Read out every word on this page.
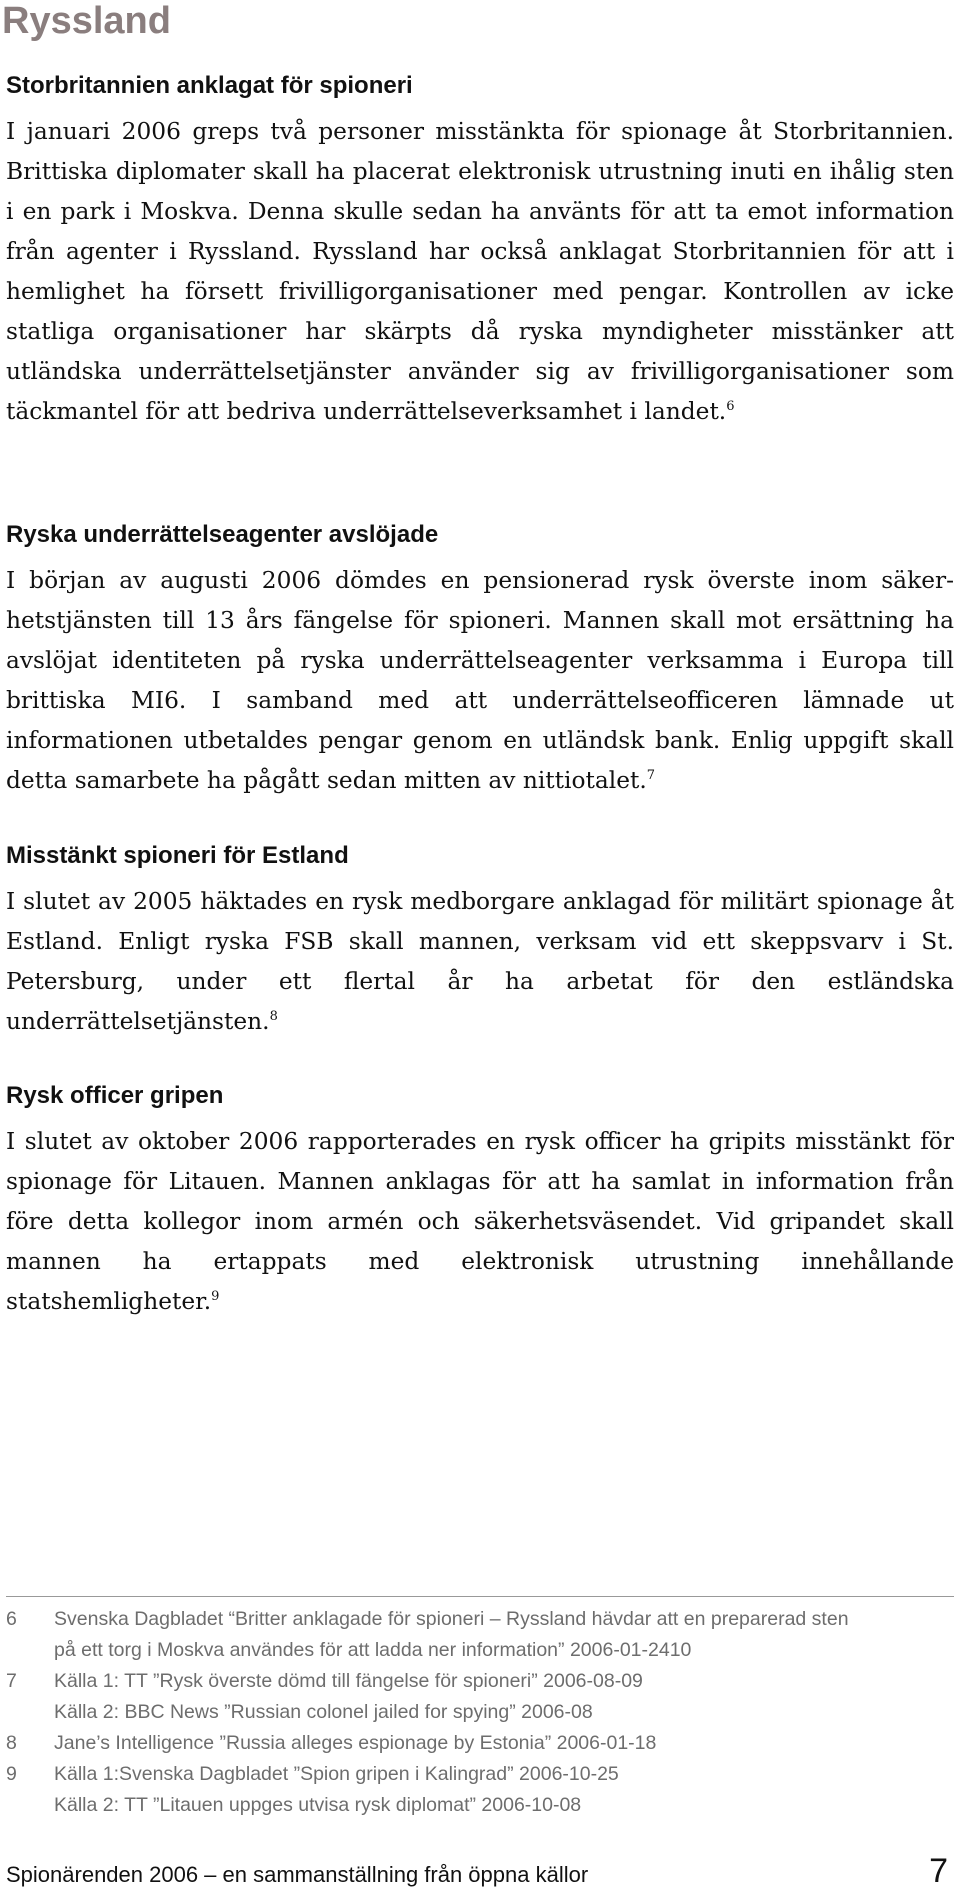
Ryssland
Storbritannien anklagat för spioneri

I januari 2006 greps två personer misstänkta för spionage åt Storbritannien. Brittiska diplomater skall ha placerat elektronisk utrustning inuti en ihålig sten i en park i Moskva. Denna skulle sedan ha använts för att ta emot information från agenter i Ryssland. Ryssland har också anklagat Storbritannien för att i hemlighet ha försett frivilligorganisationer med pengar. Kontrollen av icke statliga organisationer har skärpts då ryska myndigheter misstänker att utländska underrättelsetjänster använder sig av frivilligorganisationer som täckmantel för att bedriva underrättelseverksamhet i landet.$^6$

Ryska underrättelseagenter avslöjade

I början av augusti 2006 dömdes en pensionerad rysk överste inom säkerhetstjänsten till 13 års fängelse för spioneri. Mannen skall mot ersättning ha avslöjat identiteten på ryska underrättelseagenter verksamma i Europa till brittiska MI6. I samband med att underrättelseofficeren lämnade ut informationen utbetaldes pengar genom en utländsk bank. Enlig uppgift skall detta samarbete ha pågått sedan mitten av nittiotalet.$^7$

Misstänkt spioneri för Estland

I slutet av 2005 häktades en rysk medborgare anklagad för militärt spionage åt Estland. Enligt ryska FSB skall mannen, verksam vid ett skeppsvarv i St. Petersburg, under ett flertal år ha arbetat för den estländska underrättelsetjänsten.$^8$

Rysk officer gripen

I slutet av oktober 2006 rapporterades en rysk officer ha gripits misstänkt för spionage för Litauen. Mannen anklagas för att ha samlat in information från före detta kollegor inom armén och säkerhetsväsendet. Vid gripandet skall mannen ha ertappats med elektronisk utrustning innehållande statshemligheter.$^9$

6	Svenska Dagbladet “Britter anklagade för spioneri – Ryssland hävdar att en preparerad sten
på ett torg i Moskva användes för att ladda ner information” 2006-01-2410
7	Källa 1: TT ”Rysk överste dömd till fängelse för spioneri” 2006-08-09
Källa 2: BBC News ”Russian colonel jailed for spying” 2006-08
8	Jane’s Intelligence ”Russia alleges espionage by Estonia” 2006-01-18
9	Källa 1:Svenska Dagbladet ”Spion gripen i Kalingrad” 2006-10-25
Källa 2: TT ”Litauen uppges utvisa rysk diplomat” 2006-10-08
Spionärenden 2006 – en sammanställning från öppna källor	7
